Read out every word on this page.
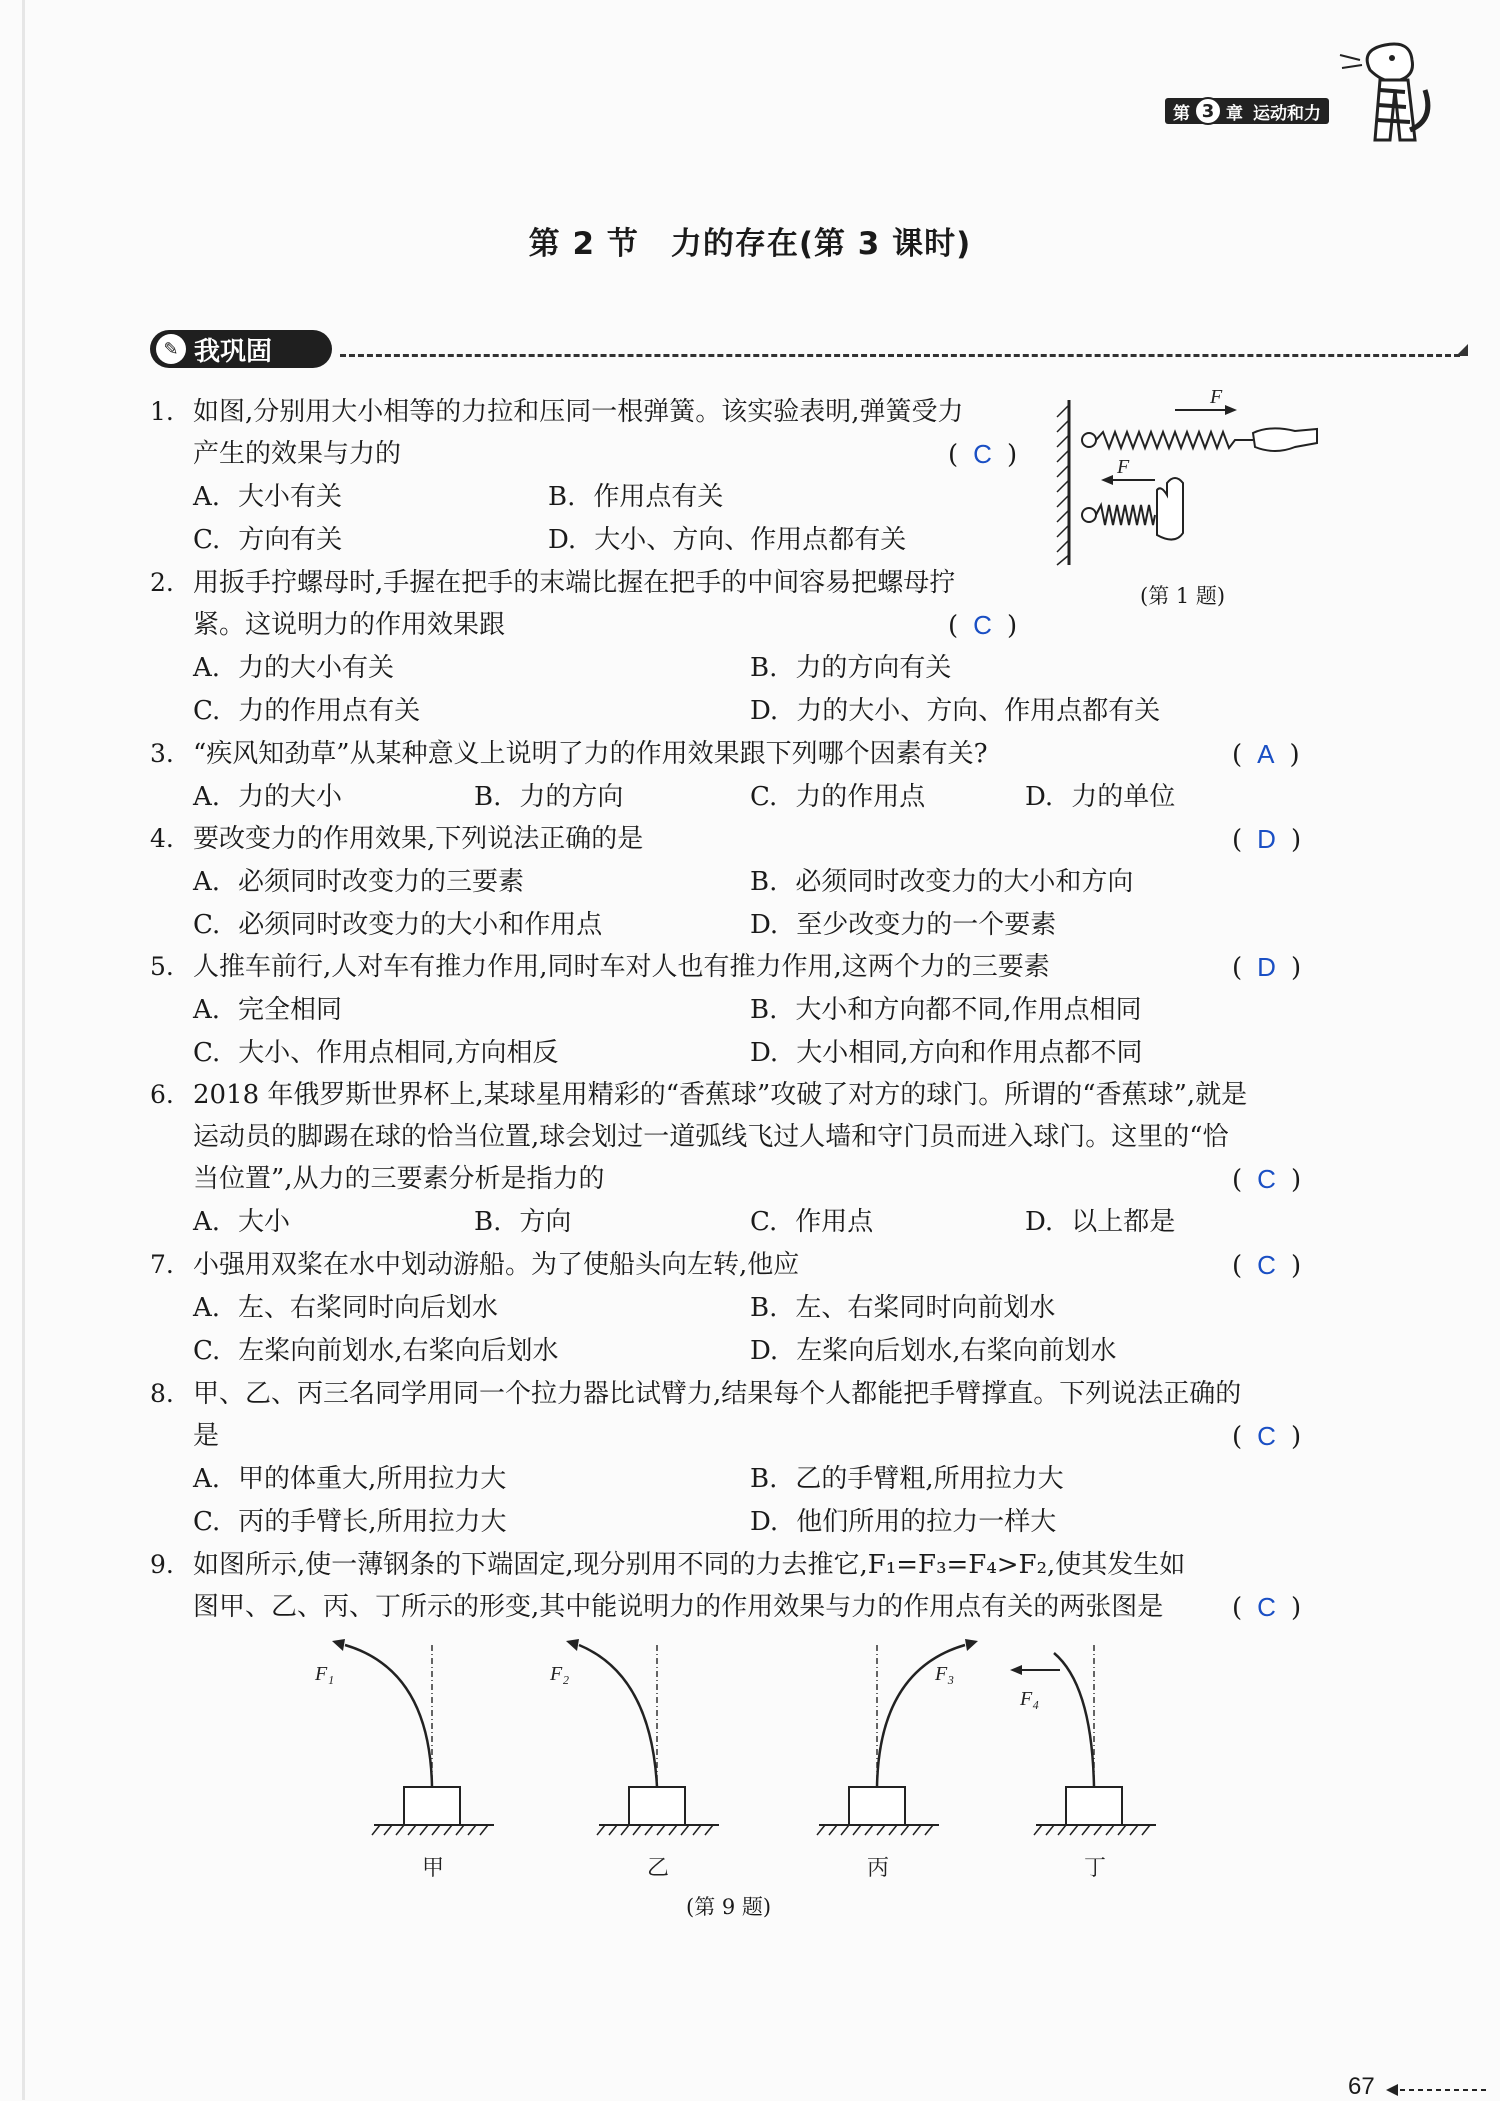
第 3 章 运动和力
第 2 节 力的存在(第 3 课时)
✎ 我巩固
1. 如图,分别用大小相等的力拉和压同一根弹簧。该实验表明,弹簧受力
产生的效果与力的	( C )
A. 大小有关	B. 作用点有关
C. 方向有关	D. 大小、方向、作用点都有关
F
F
(第 1 题)
2. 用扳手拧螺母时,手握在把手的末端比握在把手的中间容易把螺母拧
紧。这说明力的作用效果跟	( C )
A. 力的大小有关	B. 力的方向有关
C. 力的作用点有关	D. 力的大小、方向、作用点都有关
3. “疾风知劲草”从某种意义上说明了力的作用效果跟下列哪个因素有关?	( A )
A. 力的大小	B. 力的方向	C. 力的作用点	D. 力的单位
4. 要改变力的作用效果,下列说法正确的是	( D )
A. 必须同时改变力的三要素	B. 必须同时改变力的大小和方向
C. 必须同时改变力的大小和作用点	D. 至少改变力的一个要素
5. 人推车前行,人对车有推力作用,同时车对人也有推力作用,这两个力的三要素	( D )
A. 完全相同	B. 大小和方向都不同,作用点相同
C. 大小、作用点相同,方向相反	D. 大小相同,方向和作用点都不同
6. 2018 年俄罗斯世界杯上,某球星用精彩的“香蕉球”攻破了对方的球门。所谓的“香蕉球”,就是
运动员的脚踢在球的恰当位置,球会划过一道弧线飞过人墙和守门员而进入球门。这里的“恰
当位置”,从力的三要素分析是指力的	( C )
A. 大小	B. 方向	C. 作用点	D. 以上都是
7. 小强用双桨在水中划动游船。为了使船头向左转,他应	( C )
A. 左、右桨同时向后划水	B. 左、右桨同时向前划水
C. 左桨向前划水,右桨向后划水	D. 左桨向后划水,右桨向前划水
8. 甲、乙、丙三名同学用同一个拉力器比试臂力,结果每个人都能把手臂撑直。下列说法正确的
是	( C )
A. 甲的体重大,所用拉力大	B. 乙的手臂粗,所用拉力大
C. 丙的手臂长,所用拉力大	D. 他们所用的拉力一样大
9. 如图所示,使一薄钢条的下端固定,现分别用不同的力去推它,F₁=F₃=F₄>F₂,使其发生如
图甲、乙、丙、丁所示的形变,其中能说明力的作用效果与力的作用点有关的两张图是	( C )
F₁
甲
F₂
乙
F₃
丙
F₄
丁
(第 9 题)
67
